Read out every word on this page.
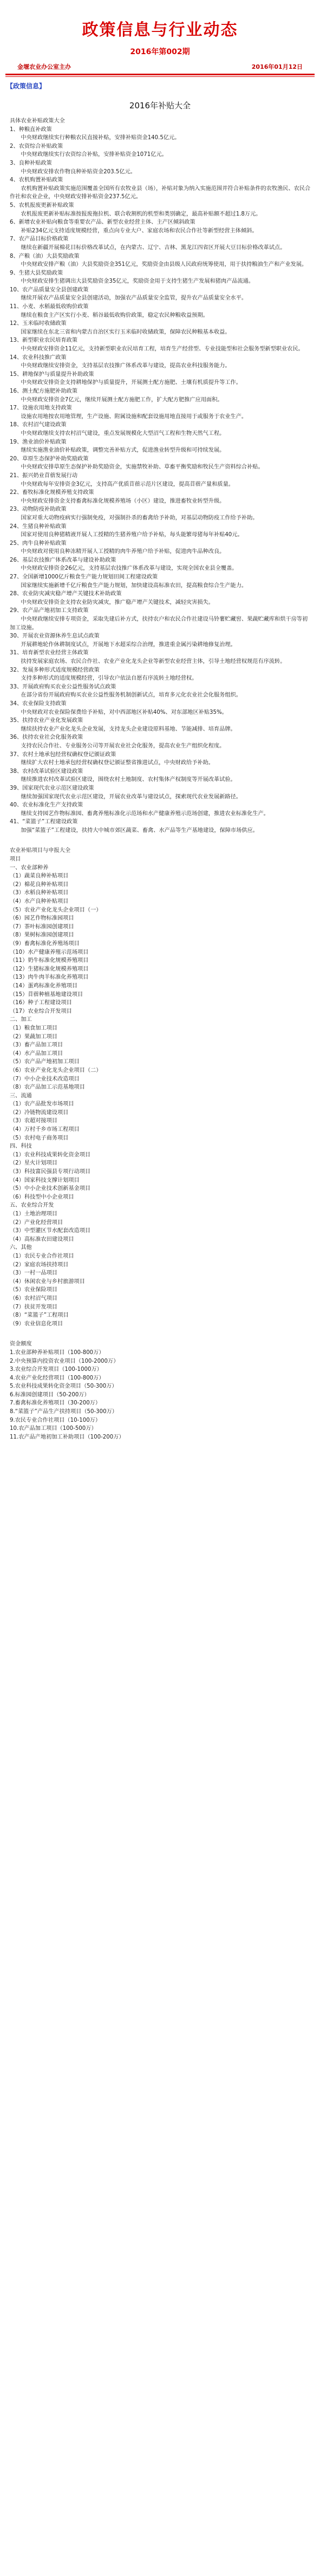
政策信息与行业动态
2016年第002期
金堰农业办公室主办	2016年01月12日
【政策信息】
2016年补贴大全
具体农业补贴政策大全
1、种粮直补政策
中央财政继续实行种粮农民直接补贴，安排补贴资金140.5亿元。
2、农资综合补贴政策
中央财政继续实行农资综合补贴，安排补贴资金1071亿元。
3、良种补贴政策
中央财政安排农作物良种补贴资金203.5亿元。
4、农机购置补贴政策
农机购置补贴政策实施范围覆盖全国所有农牧业县（场），补贴对象为纳入实施范围并符合补贴条件的农牧渔民、农民合作社和农业企业，中央财政安排补贴资金237.5亿元。
5、农机报废更新补贴政策
农机报废更新补贴标准按报废拖拉机、联合收割机的机型和类别确定，最高补贴额不超过1.8万元。
6、新增农业补贴向粮食等重要农产品、新型农业经营主体、主产区倾斜政策
补贴234亿元支持适度规模经营，重点向专业大户、家庭农场和农民合作社等新型经营主体倾斜。
7、农产品目标价格政策
继续在新疆开展棉花目标价格改革试点，在内蒙古、辽宁、吉林、黑龙江四省区开展大豆目标价格改革试点。
8、产粮（油）大县奖励政策
中央财政安排产粮（油）大县奖励资金351亿元，奖励资金由县级人民政府统筹使用，用于扶持粮油生产和产业发展。
9、生猪大县奖励政策
中央财政安排生猪调出大县奖励资金35亿元，奖励资金用于支持生猪生产发展和猪肉产品流通。
10、农产品质量安全县创建政策
继续开展农产品质量安全县创建活动，加强农产品质量安全监管，提升农产品质量安全水平。
11、小麦、水稻最低收购价政策
继续在粮食主产区实行小麦、稻谷最低收购价政策，稳定农民种粮收益预期。
12、玉米临时收储政策
国家继续在东北三省和内蒙古自治区实行玉米临时收储政策，保障农民种粮基本收益。
13、新型职业农民培育政策
中央财政安排资金11亿元，支持新型职业农民培育工程，培育生产经营型、专业技能型和社会服务型新型职业农民。
14、农业科技推广政策
中央财政继续安排资金，支持基层农技推广体系改革与建设，提高农业科技服务能力。
15、耕地保护与质量提升补助政策
中央财政安排资金支持耕地保护与质量提升，开展测土配方施肥、土壤有机质提升等工作。
16、测土配方施肥补助政策
中央财政安排资金7亿元，继续开展测土配方施肥工作，扩大配方肥推广应用面积。
17、设施农用地支持政策
设施农用地按农用地管理，生产设施、附属设施和配套设施用地直接用于或服务于农业生产。
18、农村沼气建设政策
中央财政继续支持农村沼气建设，重点发展规模化大型沼气工程和生物天然气工程。
19、渔业油价补贴政策
继续实施渔业油价补贴政策，调整完善补贴方式，促进渔业转型升级和可持续发展。
20、草原生态保护补助奖励政策
中央财政安排草原生态保护补助奖励资金，实施禁牧补助、草畜平衡奖励和牧民生产资料综合补贴。
21、振兴奶业苜蓿发展行动
中央财政每年安排资金3亿元，支持高产优质苜蓿示范片区建设，提高苜蓿产量和质量。
22、畜牧标准化规模养殖支持政策
中央财政安排资金支持畜禽标准化规模养殖场（小区）建设，推进畜牧业转型升级。
23、动物防疫补助政策
国家对重大动物疫病实行强制免疫，对强制扑杀的畜禽给予补助，对基层动物防疫工作给予补助。
24、生猪良种补贴政策
国家对使用良种猪精液开展人工授精的生猪养殖户给予补贴，每头能繁母猪每年补贴40元。
25、肉牛良种补贴政策
中央财政对使用良种冻精开展人工授精的肉牛养殖户给予补贴，促进肉牛品种改良。
26、基层农技推广体系改革与建设补助政策
中央财政安排资金26亿元，支持基层农技推广体系改革与建设，实现全国农业县全覆盖。
27、全国新增1000亿斤粮食生产能力规划田间工程建设政策
国家继续实施新增千亿斤粮食生产能力规划，加快建设高标准农田，提高粮食综合生产能力。
28、农业防灾减灾稳产增产关键技术补助政策
中央财政安排资金支持农业防灾减灾，推广稳产增产关键技术，减轻灾害损失。
29、农产品产地初加工支持政策
中央财政继续安排专项资金，采取先建后补方式，扶持农户和农民合作社建设马铃薯贮藏窖、果蔬贮藏库和烘干房等初加工设施。
30、开展农业资源休养生息试点政策
开展耕地轮作休耕制度试点，开展地下水超采综合治理，推进重金属污染耕地修复治理。
31、培育新型农业经营主体政策
扶持发展家庭农场、农民合作社、农业产业化龙头企业等新型农业经营主体，引导土地经营权规范有序流转。
32、发展多种形式适度规模经营政策
支持多种形式的适度规模经营，引导农户依法自愿有序流转土地经营权。
33、开展政府购买农业公益性服务试点政策
在部分省份开展政府购买农业公益性服务机制创新试点，培育多元化农业社会化服务组织。
34、农业保险支持政策
中央财政对农业保险保费给予补贴，对中西部地区补贴40%、对东部地区补贴35%。
35、扶持农业产业化发展政策
继续扶持农业产业化龙头企业发展，支持龙头企业建设原料基地、节能减排、培育品牌。
36、扶持农业社会化服务政策
支持农民合作社、专业服务公司等开展农业社会化服务，提高农业生产组织化程度。
37、农村土地承包经营权确权登记颁证政策
继续扩大农村土地承包经营权确权登记颁证整省推进试点，中央财政给予补助。
38、农村改革试验区建设政策
继续推进农村改革试验区建设，围绕农村土地制度、农村集体产权制度等开展改革试验。
39、国家现代农业示范区建设政策
继续加强国家现代农业示范区建设，开展农业改革与建设试点，探索现代农业发展新路径。
40、农业标准化生产支持政策
继续支持园艺作物标准园、畜禽养殖标准化示范场和水产健康养殖示范场创建，推进农业标准化生产。
41、“菜篮子”工程建设政策
加强“菜篮子”工程建设，扶持大中城市郊区蔬菜、畜禽、水产品等生产基地建设，保障市场供应。
农业补贴项目与申报大全
项目
一、农业部种养
（1）蔬菜良种补贴项目
（2）棉花良种补贴项目
（3）水稻良种补贴项目
（4）水产良种补贴项目
（5）农业产业化龙头企业项目（一）
（6）园艺作物标准园项目
（7）茶叶标准园创建项目
（8）果树标准园创建项目
（9）畜禽标准化养殖场项目
（10）水产健康养殖示范场项目
（11）奶牛标准化规模养殖项目
（12）生猪标准化规模养殖项目
（13）肉牛肉羊标准化养殖项目
（14）蛋鸡标准化养殖项目
（15）苜蓿种植基地建设项目
（16）种子工程建设项目
（17）农业综合开发项目
二、加工
（1）粮食加工项目
（2）果蔬加工项目
（3）畜产品加工项目
（4）水产品加工项目
（5）农产品产地初加工项目
（6）农业产业化龙头企业项目（二）
（7）中小企业技术改造项目
（8）农产品加工示范基地项目
三、流通
（1）农产品批发市场项目
（2）冷链物流建设项目
（3）农超对接项目
（4）万村千乡市场工程项目
（5）农村电子商务项目
四、科技
（1）农业科技成果转化资金项目
（2）星火计划项目
（3）科技富民强县专项行动项目
（4）国家科技支撑计划项目
（5）中小企业技术创新基金项目
（6）科技型中小企业项目
五、农业综合开发
（1）土地治理项目
（2）产业化经营项目
（3）中型灌区节水配套改造项目
（4）高标准农田建设项目
六、其他
（1）农民专业合作社项目
（2）家庭农场扶持项目
（3）一村一品项目
（4）休闲农业与乡村旅游项目
（5）农业保险项目
（6）农村沼气项目
（7）扶贫开发项目
（8）“菜篮子”工程项目
（9）农业信息化项目
资金额度
1.农业部种养补贴项目（100-800万）
2.中央预算内投资农业项目（100-2000万）
3.农业综合开发项目（100-1000万）
4.农业产业化经营项目（100-800万）
5.农业科技成果转化资金项目（50-300万）
6.标准园创建项目（50-200万）
7.畜禽标准化养殖项目（30-200万）
8.“菜篮子”产品生产扶持项目（50-300万）
9.农民专业合作社项目（10-100万）
10.农产品加工项目（100-500万）
11.农产品产地初加工补助项目（100-200万）
